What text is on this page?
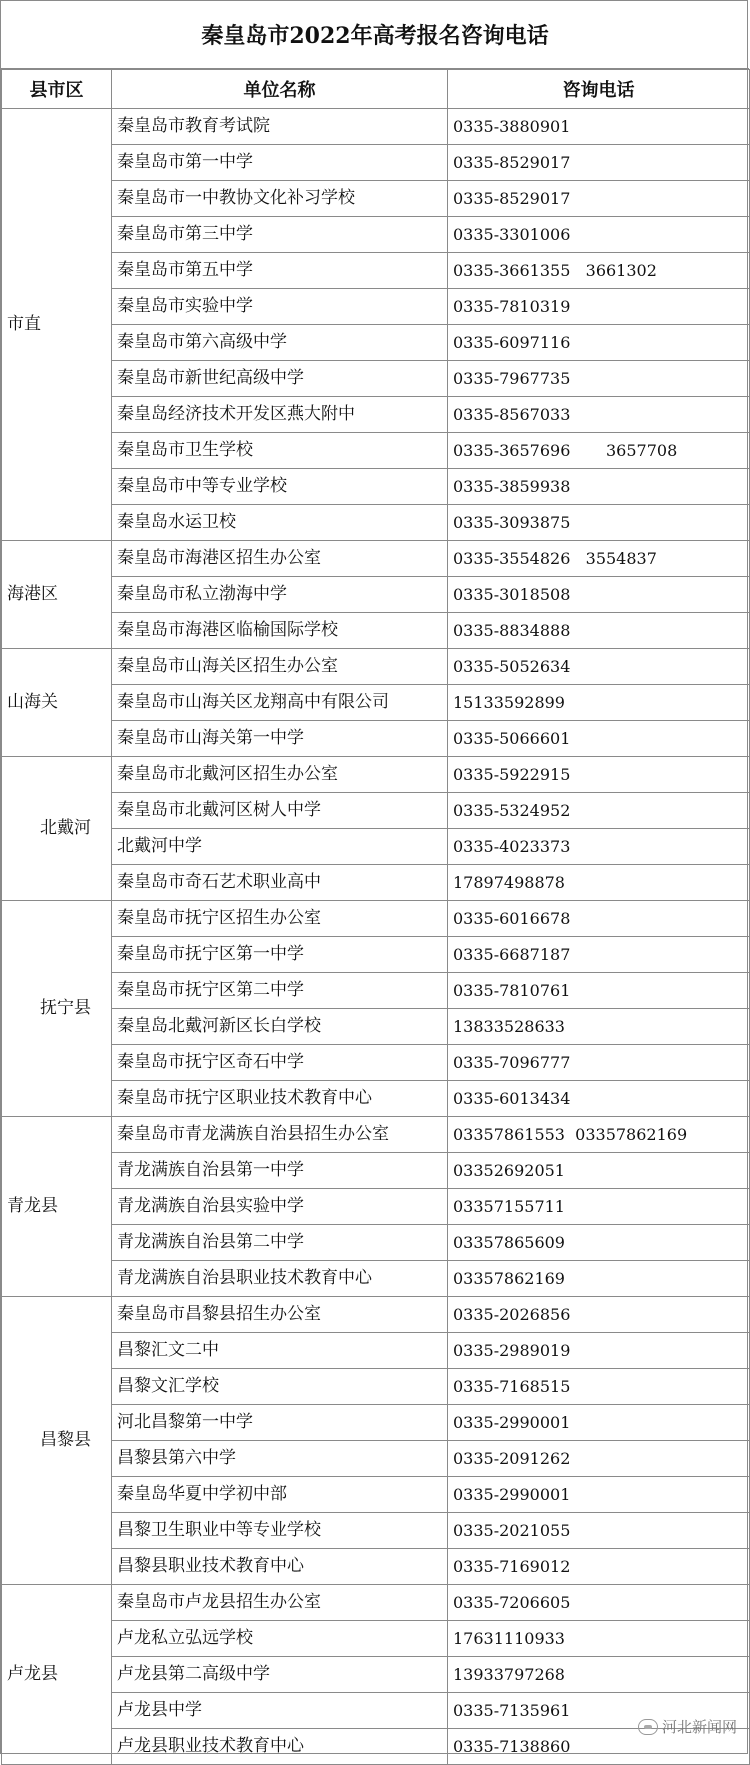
秦皇岛市2022年高考报名咨询电话
县市区	单位名称	咨询电话
市直	秦皇岛市教育考试院	0335-3880901
	秦皇岛市第一中学	0335-8529017
	秦皇岛市一中教协文化补习学校	0335-8529017
	秦皇岛市第三中学	0335-3301006
	秦皇岛市第五中学	0335-3661355   3661302
	秦皇岛市实验中学	0335-7810319
	秦皇岛市第六高级中学	0335-6097116
	秦皇岛市新世纪高级中学	0335-7967735
	秦皇岛经济技术开发区燕大附中	0335-8567033
	秦皇岛市卫生学校	0335-3657696       3657708
	秦皇岛市中等专业学校	0335-3859938
	秦皇岛水运卫校	0335-3093875
海港区	秦皇岛市海港区招生办公室	0335-3554826   3554837
	秦皇岛市私立渤海中学	0335-3018508
	秦皇岛市海港区临榆国际学校	0335-8834888
山海关	秦皇岛市山海关区招生办公室	0335-5052634
	秦皇岛市山海关区龙翔高中有限公司	15133592899
	秦皇岛市山海关第一中学	0335-5066601
北戴河	秦皇岛市北戴河区招生办公室	0335-5922915
	秦皇岛市北戴河区树人中学	0335-5324952
	北戴河中学	0335-4023373
	秦皇岛市奇石艺术职业高中	17897498878
抚宁县	秦皇岛市抚宁区招生办公室	0335-6016678
	秦皇岛市抚宁区第一中学	0335-6687187
	秦皇岛市抚宁区第二中学	0335-7810761
	秦皇岛北戴河新区长白学校	13833528633
	秦皇岛市抚宁区奇石中学	0335-7096777
	秦皇岛市抚宁区职业技术教育中心	0335-6013434
青龙县	秦皇岛市青龙满族自治县招生办公室	03357861553  03357862169
	青龙满族自治县第一中学	03352692051
	青龙满族自治县实验中学	03357155711
	青龙满族自治县第二中学	03357865609
	青龙满族自治县职业技术教育中心	03357862169
昌黎县	秦皇岛市昌黎县招生办公室	0335-2026856
	昌黎汇文二中	0335-2989019
	昌黎文汇学校	0335-7168515
	河北昌黎第一中学	0335-2990001
	昌黎县第六中学	0335-2091262
	秦皇岛华夏中学初中部	0335-2990001
	昌黎卫生职业中等专业学校	0335-2021055
	昌黎县职业技术教育中心	0335-7169012
卢龙县	秦皇岛市卢龙县招生办公室	0335-7206605
	卢龙私立弘远学校	17631110933
	卢龙县第二高级中学	13933797268
	卢龙县中学	0335-7135961
	卢龙县职业技术教育中心	0335-7138860
河北新闻网
